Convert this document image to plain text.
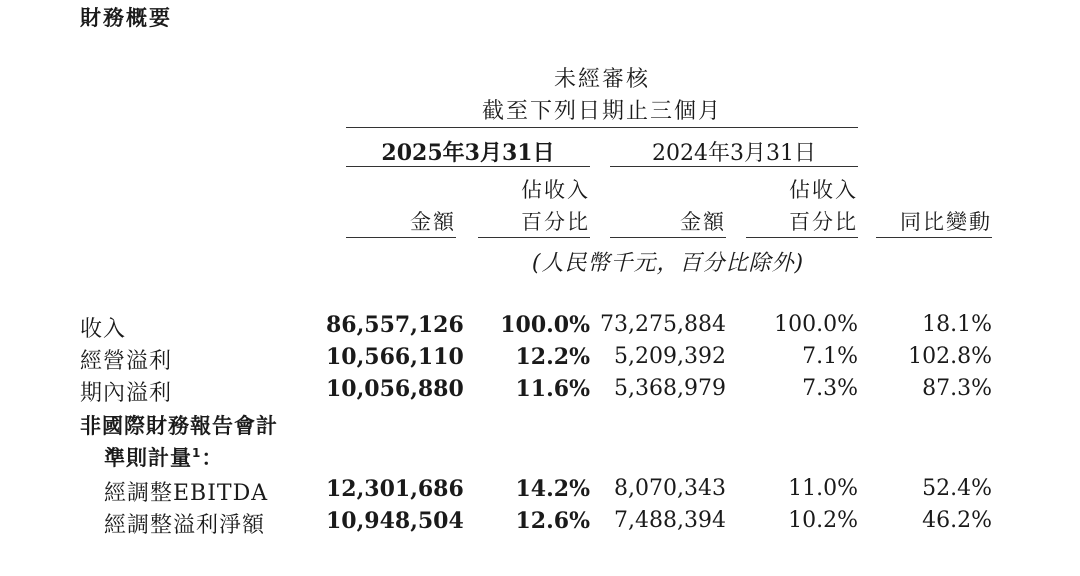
財務概要
未經審核
截至下列日期止三個月
2025年3月31日	2024年3月31日
金額
佔收入
百分比	金額
佔收入
百分比	同比變動
(人民幣千元，百分比除外)
收入	86,557,126	100.0% 73,275,884	100.0%	18.1%
經營溢利	10,566,110	12.2%	5,209,392	7.1%	102.8%
期內溢利	10,056,880	11.6%	5,368,979	7.3%	87.3%
非國際財務報告會計
準則計量$^1$：
經調整EBITDA	12,301,686	14.2%	8,070,343	11.0%	52.4%
經調整溢利淨額	10,948,504	12.6%	7,488,394	10.2%	46.2%
